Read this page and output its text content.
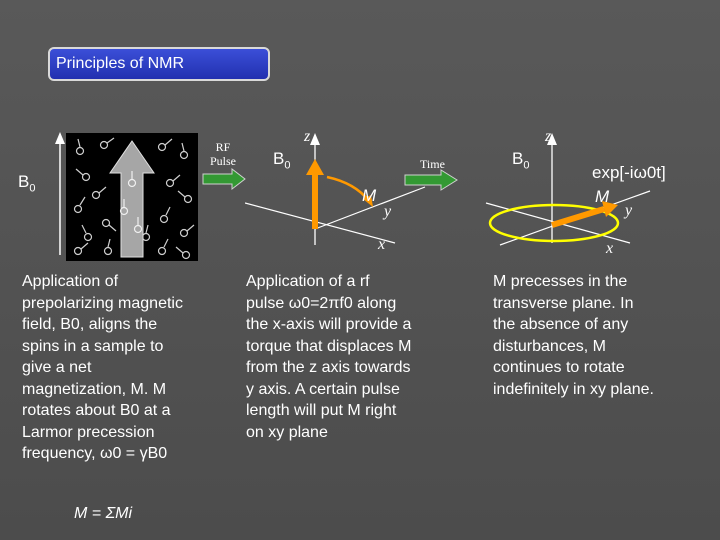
Principles of NMR
$B_0$
RF
Pulse
Application of
prepolarizing magnetic
field, B0, aligns the
spins in a sample to
give a net
magnetization, M. M
rotates about B0 at a
Larmor precession
frequency, ω0 = γB0
M = ΣMi
$B_0$
z
y
x
M
Time
Application of a rf
pulse ω0=2πf0 along
the x-axis will provide a
torque that displaces M
from the z axis towards
y axis. A certain pulse
length will put M right
on xy plane
$B_0$
z
y
x
M
exp[-iω0t]
M precesses in the
transverse plane. In
the absence of any
disturbances, M
continues to rotate
indefinitely in xy plane.
